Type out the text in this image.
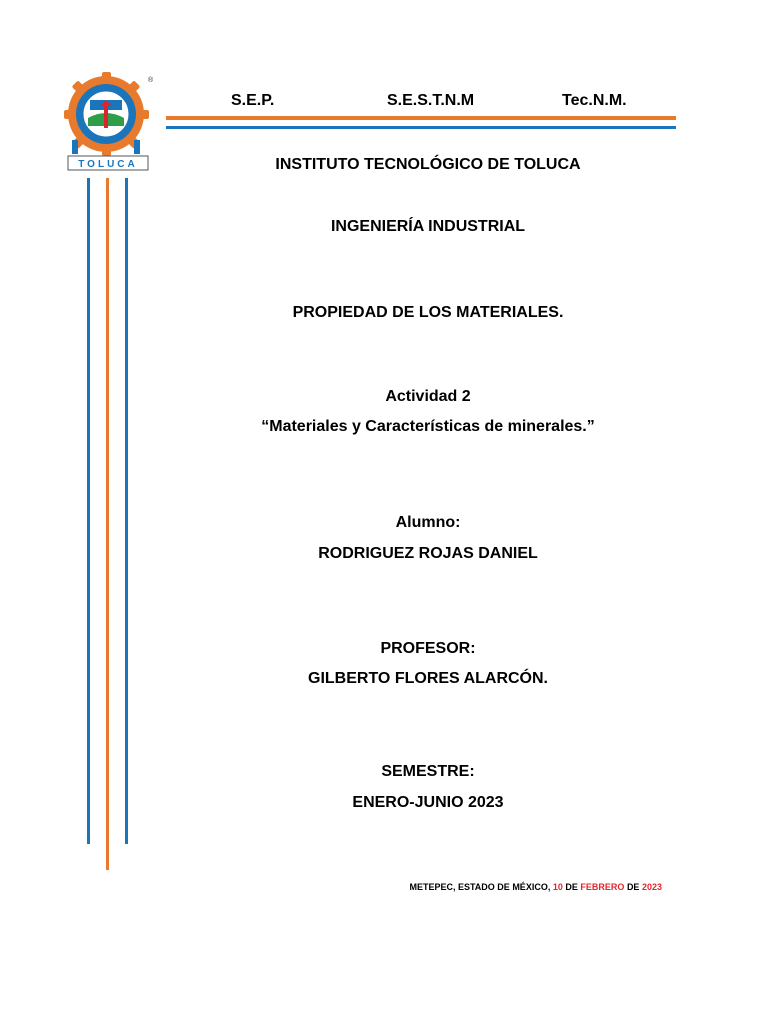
®
TOLUCA
S.E.P.	S.E.S.T.N.M	Tec.N.M.
INSTITUTO TECNOLÓGICO DE TOLUCA
INGENIERÍA INDUSTRIAL
PROPIEDAD DE LOS MATERIALES.
Actividad 2
“Materiales y Características de minerales.”
Alumno:
RODRIGUEZ ROJAS DANIEL
PROFESOR:
GILBERTO FLORES ALARCÓN.
SEMESTRE:
ENERO-JUNIO 2023
METEPEC, ESTADO DE MÉXICO, 10 DE FEBRERO DE 2023
